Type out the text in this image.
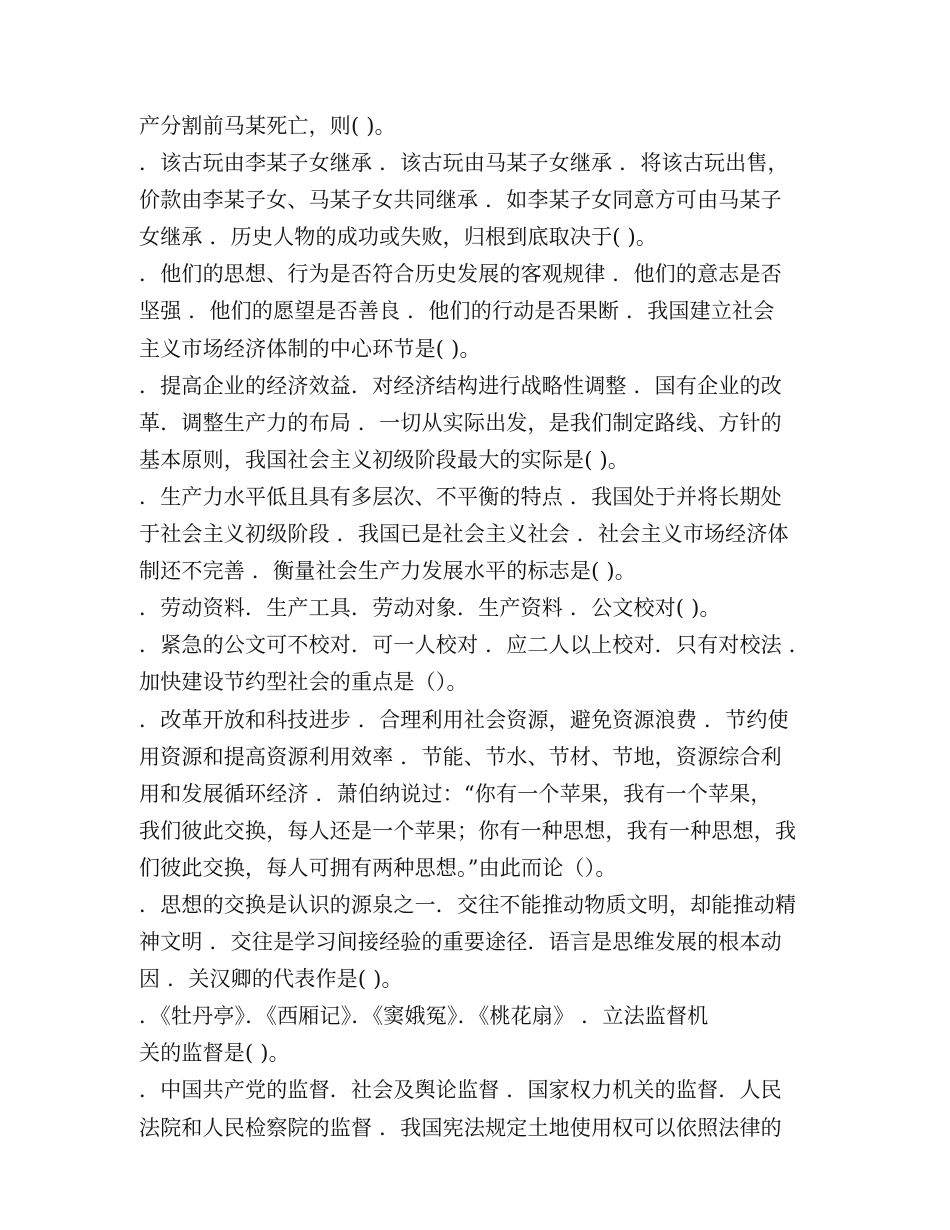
产分割前马某死亡，则( )。
．该古玩由李某子女继承 ．该古玩由马某子女继承 ．将该古玩出售，
价款由李某子女、马某子女共同继承 ．如李某子女同意方可由马某子
女继承 ．历史人物的成功或失败，归根到底取决于( )。
．他们的思想、行为是否符合历史发展的客观规律 ．他们的意志是否
坚强 ．他们的愿望是否善良 ．他们的行动是否果断 ．我国建立社会
主义市场经济体制的中心环节是( )。
．提高企业的经济效益．对经济结构进行战略性调整 ．国有企业的改
革．调整生产力的布局 ．一切从实际出发，是我们制定路线、方针的
基本原则，我国社会主义初级阶段最大的实际是( )。
．生产力水平低且具有多层次、不平衡的特点 ．我国处于并将长期处
于社会主义初级阶段 ．我国已是社会主义社会 ．社会主义市场经济体
制还不完善 ．衡量社会生产力发展水平的标志是( )。
．劳动资料．生产工具．劳动对象．生产资料 ．公文校对( )。
．紧急的公文可不校对．可一人校对 ．应二人以上校对．只有对校法 ．
加快建设节约型社会的重点是（）。
．改革开放和科技进步 ．合理利用社会资源，避免资源浪费 ．节约使
用资源和提高资源利用效率 ．节能、节水、节材、节地，资源综合利
用和发展循环经济 ．萧伯纳说过：“你有一个苹果，我有一个苹果，
我们彼此交换，每人还是一个苹果；你有一种思想，我有一种思想，我
们彼此交换，每人可拥有两种思想。”由此而论（）。
．思想的交换是认识的源泉之一．交往不能推动物质文明，却能推动精
神文明 ．交往是学习间接经验的重要途径．语言是思维发展的根本动
因 ．关汉卿的代表作是( )。
．《牡丹亭》．《西厢记》．《窦娥冤》．《桃花扇》 ．立法监督机
关的监督是( )。
．中国共产党的监督．社会及舆论监督 ．国家权力机关的监督．人民
法院和人民检察院的监督 ．我国宪法规定土地使用权可以依照法律的
